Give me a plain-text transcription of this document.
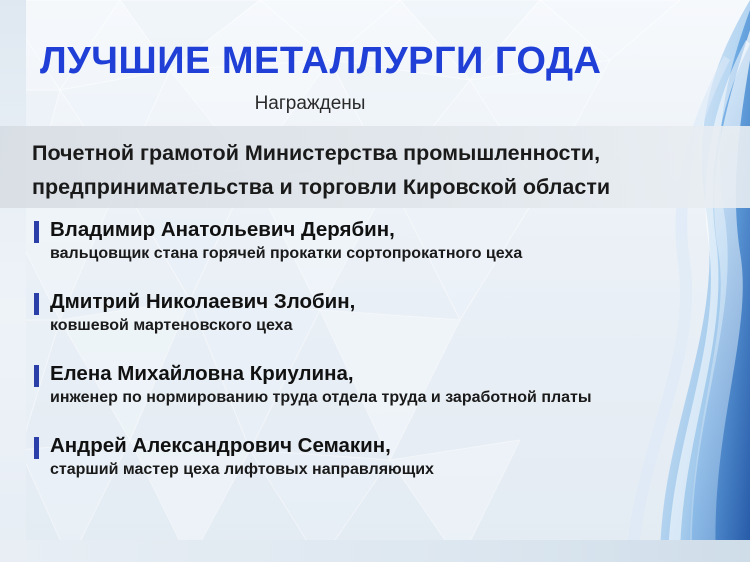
ЛУЧШИЕ МЕТАЛЛУРГИ ГОДА
Награждены
Почетной грамотой Министерства промышленности,
предпринимательства и торговли Кировской области
Владимир Анатольевич Дерябин,
вальцовщик стана горячей прокатки сортопрокатного цеха
Дмитрий Николаевич Злобин,
ковшевой мартеновского цеха
Елена Михайловна Криулина,
инженер по нормированию труда отдела труда и заработной платы
Андрей Александрович Семакин,
старший мастер цеха лифтовых направляющих
